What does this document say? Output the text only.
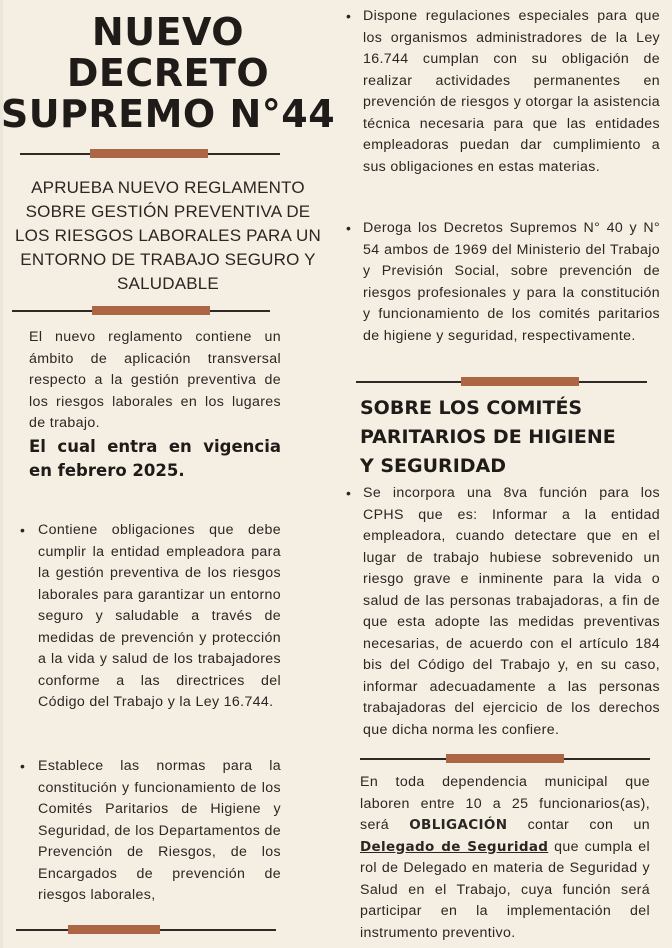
NUEVO
DECRETO
SUPREMO N°44
APRUEBA NUEVO REGLAMENTO SOBRE GESTIÓN PREVENTIVA DE LOS RIESGOS LABORALES PARA UN ENTORNO DE TRABAJO SEGURO Y SALUDABLE
El nuevo reglamento contiene un ámbito de aplicación transversal respecto a la gestión preventiva de los riesgos laborales en los lugares de trabajo.
El cual entra en vigencia en febrero 2025.
• Contiene obligaciones que debe cumplir la entidad empleadora para la gestión preventiva de los riesgos laborales para garantizar un entorno seguro y saludable a través de medidas de prevención y protección a la vida y salud de los trabajadores conforme a las directrices del Código del Trabajo y la Ley 16.744.
• Establece las normas para la constitución y funcionamiento de los Comités Paritarios de Higiene y Seguridad, de los Departamentos de Prevención de Riesgos, de los Encargados de prevención de riesgos laborales,
• Dispone regulaciones especiales para que los organismos administradores de la Ley 16.744 cumplan con su obligación de realizar actividades permanentes en prevención de riesgos y otorgar la asistencia técnica necesaria para que las entidades empleadoras puedan dar cumplimiento a sus obligaciones en estas materias.
• Deroga los Decretos Supremos N° 40 y N° 54 ambos de 1969 del Ministerio del Trabajo y Previsión Social, sobre prevención de riesgos profesionales y para la constitución y funcionamiento de los comités paritarios de higiene y seguridad, respectivamente.
SOBRE LOS COMITÉS
PARITARIOS DE HIGIENE
Y SEGURIDAD
• Se incorpora una 8va función para los CPHS que es: Informar a la entidad empleadora, cuando detectare que en el lugar de trabajo hubiese sobrevenido un riesgo grave e inminente para la vida o salud de las personas trabajadoras, a fin de que esta adopte las medidas preventivas necesarias, de acuerdo con el artículo 184 bis del Código del Trabajo y, en su caso, informar adecuadamente a las personas trabajadoras del ejercicio de los derechos que dicha norma les confiere.
En toda dependencia municipal que laboren entre 10 a 25 funcionarios(as), será OBLIGACIÓN contar con un Delegado de Seguridad que cumpla el rol de Delegado en materia de Seguridad y Salud en el Trabajo, cuya función será participar en la implementación del instrumento preventivo.
